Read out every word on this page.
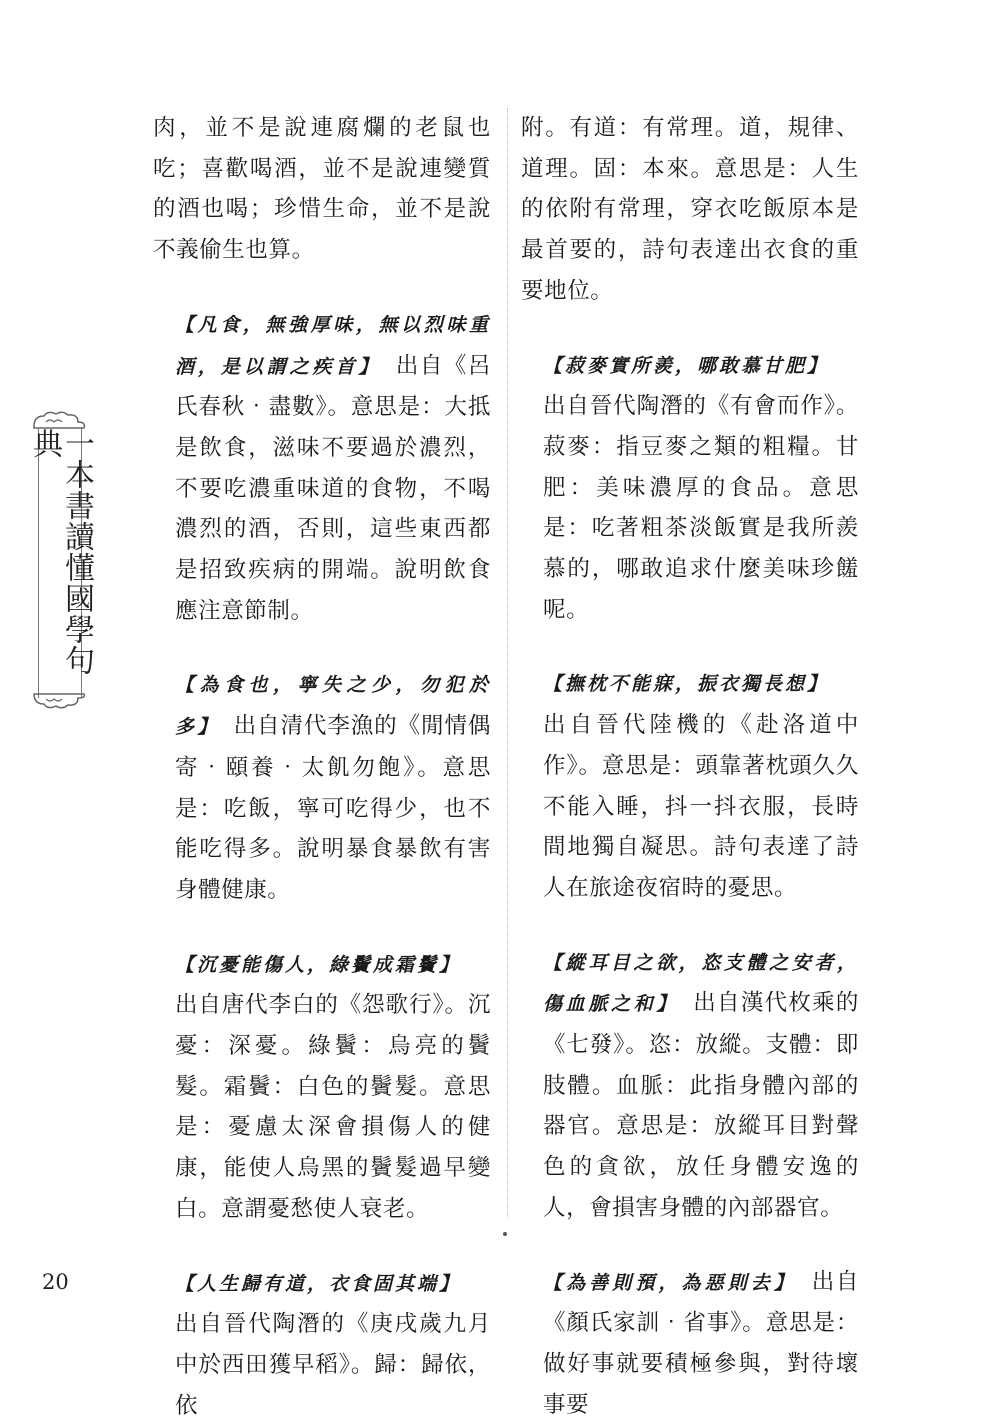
一本書讀懂國學句典

肉，並不是說連腐爛的老鼠也吃；喜歡喝酒，並不是說連變質的酒也喝；珍惜生命，並不是說不義偷生也算。

【凡食，無強厚味，無以烈味重酒，是以謂之疾首】　出自《呂氏春秋‧盡數》。意思是：大抵是飲食，滋味不要過於濃烈，不要吃濃重味道的食物，不喝濃烈的酒，否則，這些東西都是招致疾病的開端。說明飲食應注意節制。

【為食也，寧失之少，勿犯於多】　出自清代李漁的《閒情偶寄‧頤養‧太飢勿飽》。意思是：吃飯，寧可吃得少，也不能吃得多。說明暴食暴飲有害身體健康。

【沉憂能傷人，綠鬢成霜鬢】

出自唐代李白的《怨歌行》。沉憂：深憂。綠鬢：烏亮的鬢髮。霜鬢：白色的鬢髮。意思是：憂慮太深會損傷人的健康，能使人烏黑的鬢髮過早變白。意謂憂愁使人衰老。

【人生歸有道，衣食固其端】

出自晉代陶潛的《庚戌歲九月中於西田獲早稻》。歸：歸依，依

附。有道：有常理。道，規律、道理。固：本來。意思是：人生的依附有常理，穿衣吃飯原本是最首要的，詩句表達出衣食的重要地位。

【菽麥實所羨，哪敢慕甘肥】

出自晉代陶潛的《有會而作》。菽麥：指豆麥之類的粗糧。甘肥：美味濃厚的食品。意思是：吃著粗茶淡飯實是我所羨慕的，哪敢追求什麼美味珍饈呢。

【撫枕不能寐，振衣獨長想】

出自晉代陸機的《赴洛道中作》。意思是：頭靠著枕頭久久不能入睡，抖一抖衣服，長時間地獨自凝思。詩句表達了詩人在旅途夜宿時的憂思。

【縱耳目之欲，恣支體之安者，傷血脈之和】　出自漢代枚乘的《七發》。恣：放縱。支體：即肢體。血脈：此指身體內部的器官。意思是：放縱耳目對聲色的貪欲，放任身體安逸的人，會損害身體的內部器官。

【為善則預，為惡則去】　出自《顏氏家訓‧省事》。意思是：做好事就要積極參與，對待壞事要

20
